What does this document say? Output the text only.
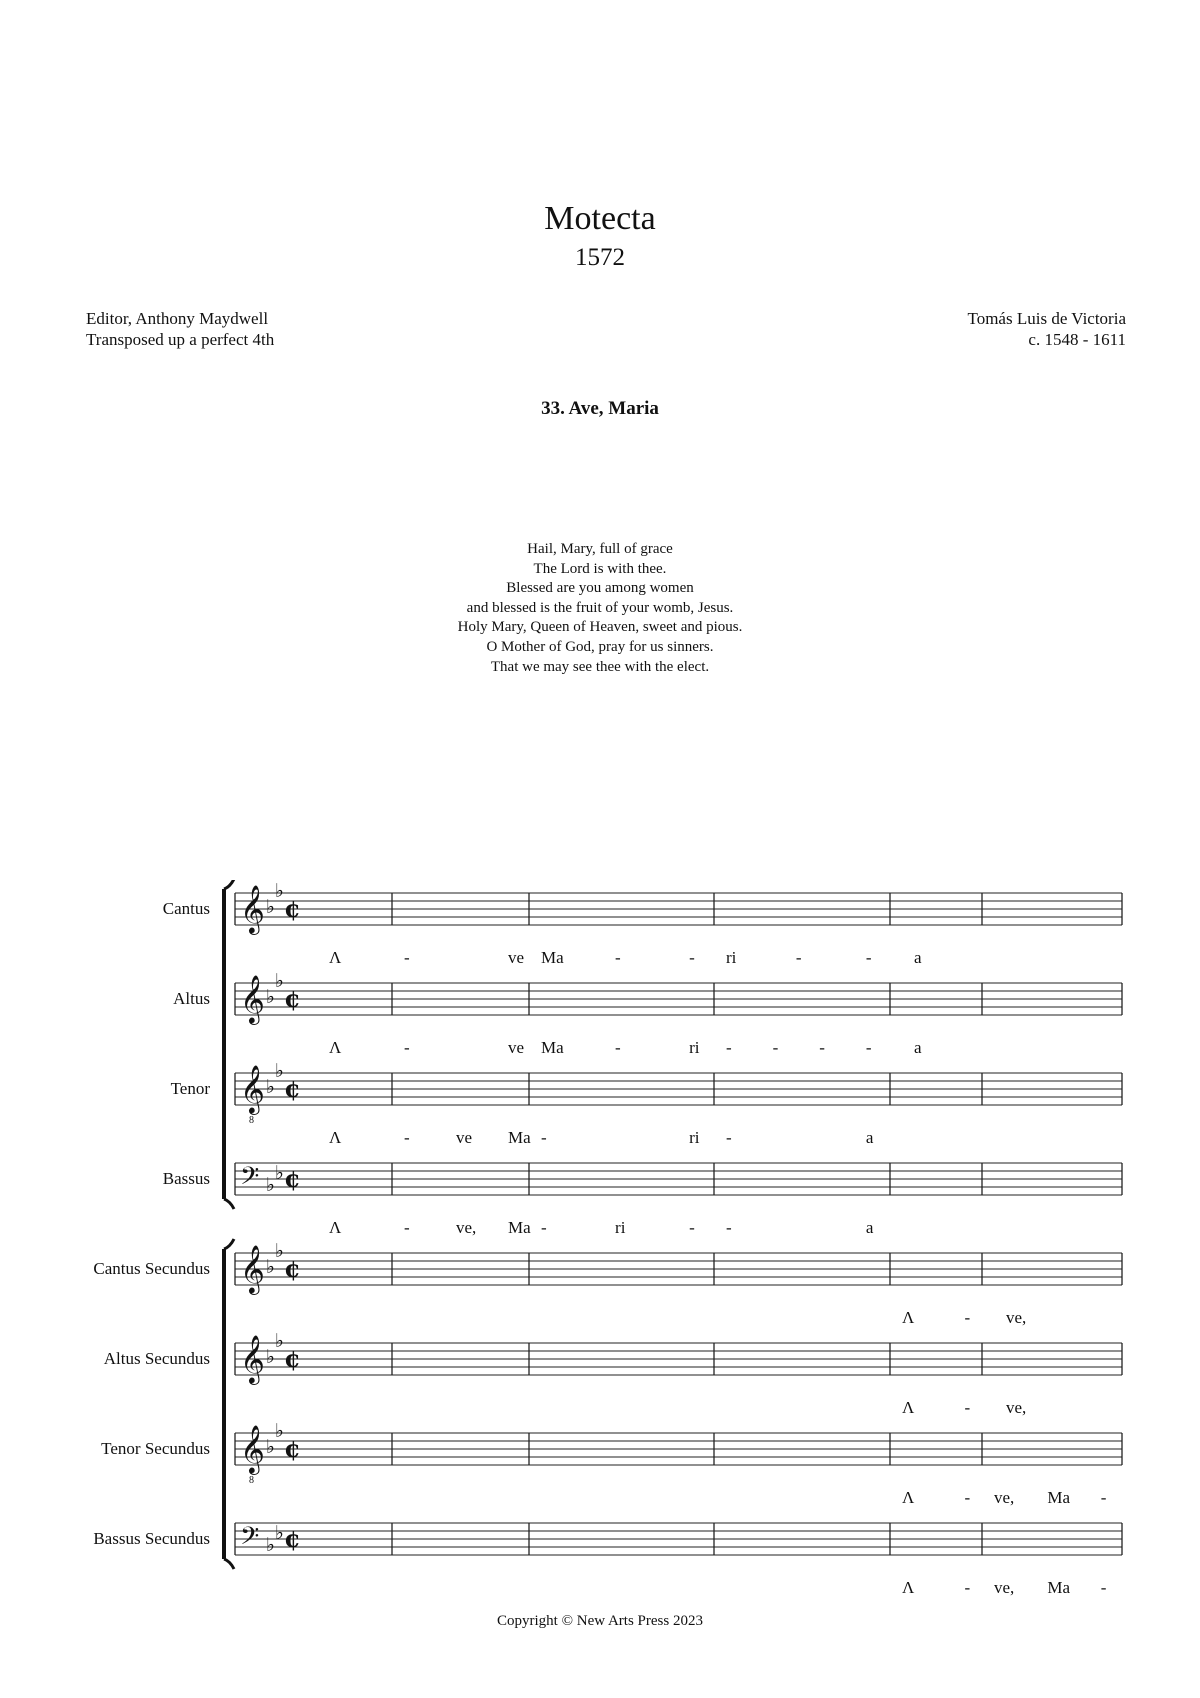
Motecta
1572
Editor, Anthony Maydwell
Transposed up a perfect 4th
Tomás Luis de Victoria
c. 1548 - 1611
33. Ave, Maria
Hail, Mary, full of grace
The Lord is with thee.
Blessed are you among women
and blessed is the fruit of your womb, Jesus.
Holy Mary, Queen of Heaven, sweet and pious.
O Mother of God, pray for us sinners.
That we may see thee with the elect.
Cantus 𝄞 ♭
♭
¢
Λ	-	ve Ma	-	- ri	-	- a
Altus 𝄞 ♭
♭
¢
Λ	-	ve Ma	-	ri - - - - a
Tenor 𝄞
8
♭
♭
¢
Λ	-	ve Ma -	ri -	a
Bassus 𝄢 ♭
♭ ¢
Λ	-	ve, Ma -	ri	- -	a
Cantus Secundus 𝄞 ♭
♭
¢
Λ	- ve,
Altus Secundus 𝄞 ♭
♭
¢
Λ	- ve,
Tenor Secundus 𝄞
8
♭
♭
¢
Λ	- ve, Ma -
Bassus Secundus 𝄢 ♭
♭ ¢
Λ	- ve, Ma -
Copyright © New Arts Press 2023
